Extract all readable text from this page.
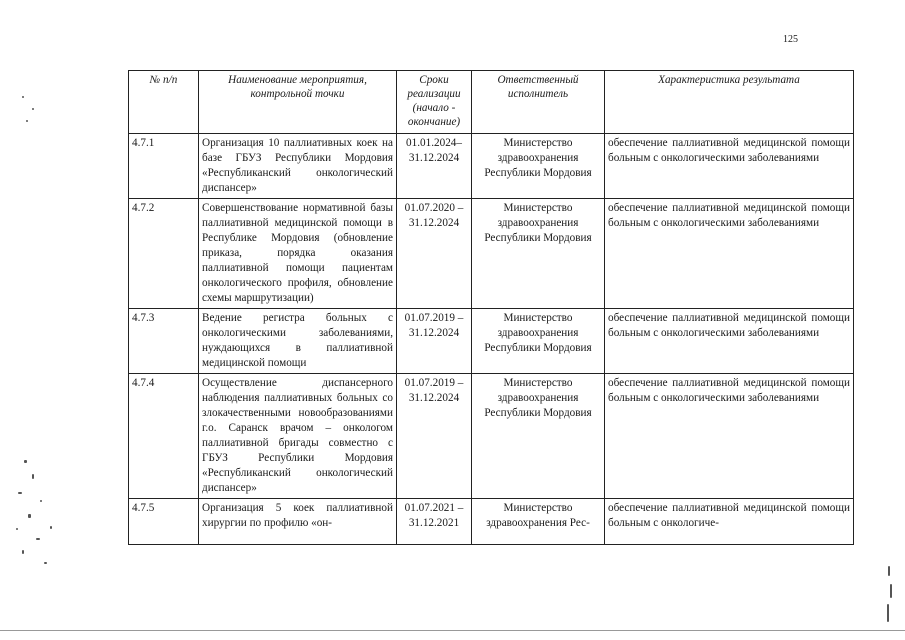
125
№ п/п	Наименование мероприятия, контрольной точки	Сроки реализации (начало - окончание)	Ответственный исполнитель	Характеристика результата
4.7.1	Организация 10 паллиативных коек на базе ГБУЗ Республики Мордовия «Республиканский онкологический диспансер»	01.01.2024– 31.12.2024	Министерство здравоохранения Республики Мордовия	обеспечение паллиативной медицинской помощи больным с онкологическими заболеваниями
4.7.2	Совершенствование нормативной базы паллиативной медицинской помощи в Республике Мордовия (обновление приказа, порядка оказания паллиативной помощи пациентам онкологического профиля, обновление схемы маршрутизации)	01.07.2020 – 31.12.2024	Министерство здравоохранения Республики Мордовия	обеспечение паллиативной медицинской помощи больным с онкологическими заболеваниями
4.7.3	Ведение регистра больных с онкологическими заболеваниями, нуждающихся в паллиативной медицинской помощи	01.07.2019 – 31.12.2024	Министерство здравоохранения Республики Мордовия	обеспечение паллиативной медицинской помощи больным с онкологическими заболеваниями
4.7.4	Осуществление диспансерного наблюдения паллиативных больных со злокачественными новообразованиями г.о. Саранск врачом – онкологом паллиативной бригады совместно с ГБУЗ Республики Мордовия «Республиканский онкологический диспансер»	01.07.2019 – 31.12.2024	Министерство здравоохранения Республики Мордовия	обеспечение паллиативной медицинской помощи больным с онкологическими заболеваниями
4.7.5	Организация 5 коек паллиативной хирургии по профилю «он-	01.07.2021 – 31.12.2021	Министерство здравоохранения Рес-	обеспечение паллиативной медицинской помощи больным с онкологиче-
